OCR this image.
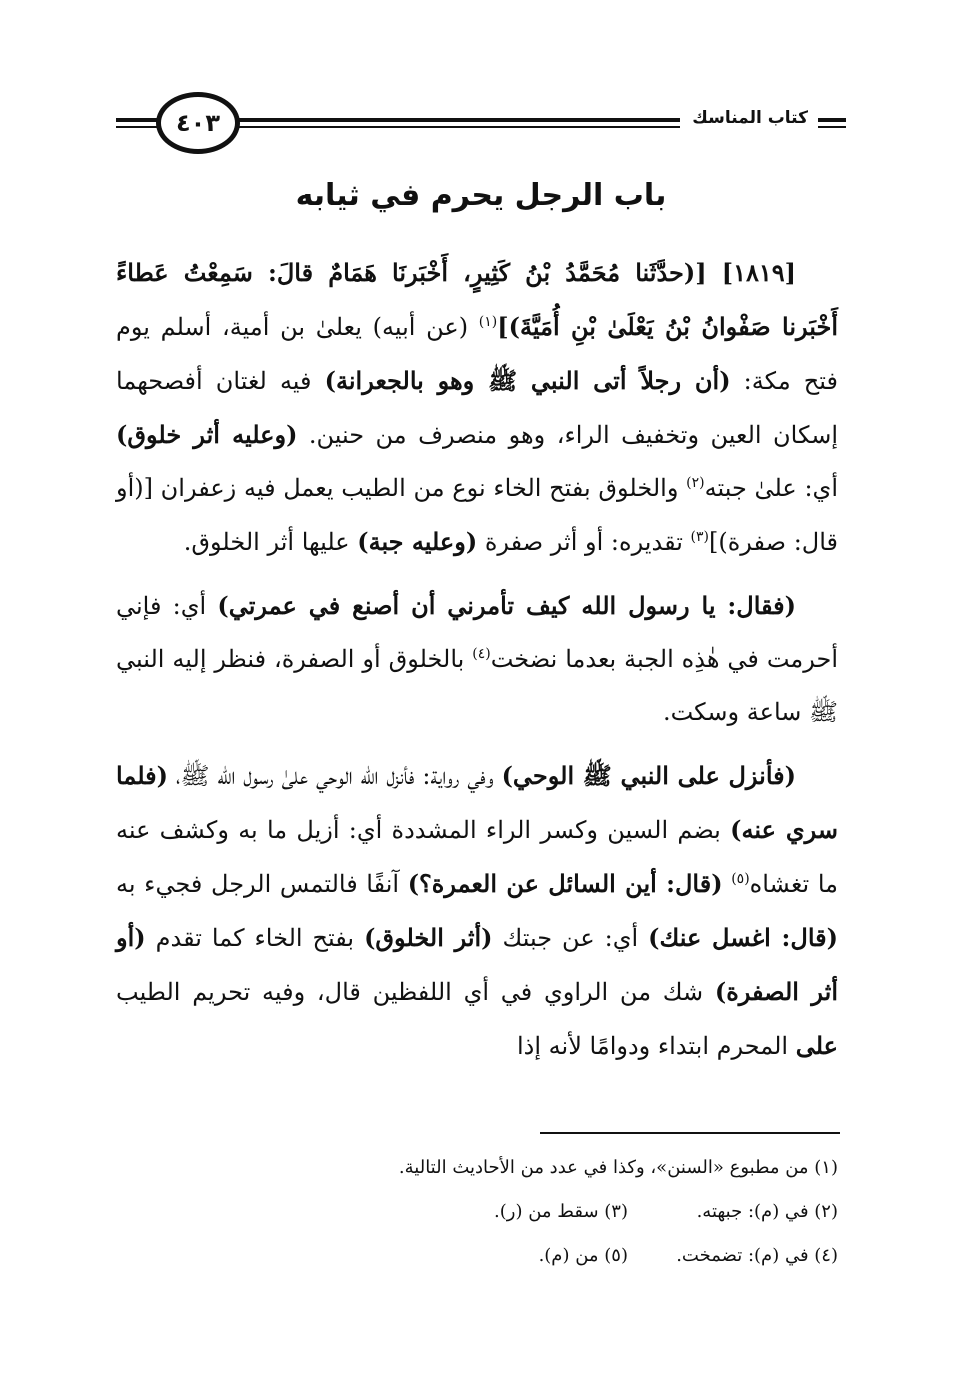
٤٠٣	كتاب المناسك
باب الرجل يحرم في ثيابه

[١٨١٩] [(حدَّثَنا مُحَمَّدُ بْنُ كَثِيرٍ، أَخْبَرنَا هَمَامٌ قالَ: سَمِعْتُ عَطاءً أَخْبَرنا صَفْوانُ بْنُ يَعْلَىٰ بْنِ أُمَيَّةَ)]$^{(١)}$ (عن أبيه) يعلىٰ بن أمية، أسلم يوم فتح مكة: (أن رجلاً أتى النبي ﷺ وهو بالجعرانة) فيه لغتان أفصحهما إسكان العين وتخفيف الراء، وهو منصرف من حنين. (وعليه أثر خلوق) أي: علىٰ جبته$^{(٢)}$ والخلوق بفتح الخاء نوع من الطيب يعمل فيه زعفران [(أو قال: صفرة)]$^{(٣)}$ تقديره: أو أثر صفرة (وعليه جبة) عليها أثر الخلوق.

(فقال: يا رسول الله كيف تأمرني أن أصنع في عمرتي) أي: فإني أحرمت في هٰذِه الجبة بعدما نضخت$^{(٤)}$ بالخلوق أو الصفرة، فنظر إليه النبي ﷺ ساعة وسكت.

(فأنزل على النبي ﷺ الوحي) وفي رواية: فأنزل الله الوحي علىٰ رسول الله ﷺ، (فلما سري عنه) بضم السين وكسر الراء المشددة أي: أزيل ما به وكشف عنه ما تغشاه$^{(٥)}$ (قال: أين السائل عن العمرة؟) آنفًا فالتمس الرجل فجيء به (قال: اغسل عنك) أي: عن جبتك (أثر الخلوق) بفتح الخاء كما تقدم (أو أثر الصفرة) شك من الراوي في أي اللفظين قال، وفيه تحريم الطيب على المحرم ابتداء ودوامًا لأنه إذا

(١) من مطبوع «السنن»، وكذا في عدد من الأحاديث التالية.
(٢) في (م): جبهته.
(٣) سقط من (ر).
(٤) في (م): تضمخت.
(٥) من (م).
